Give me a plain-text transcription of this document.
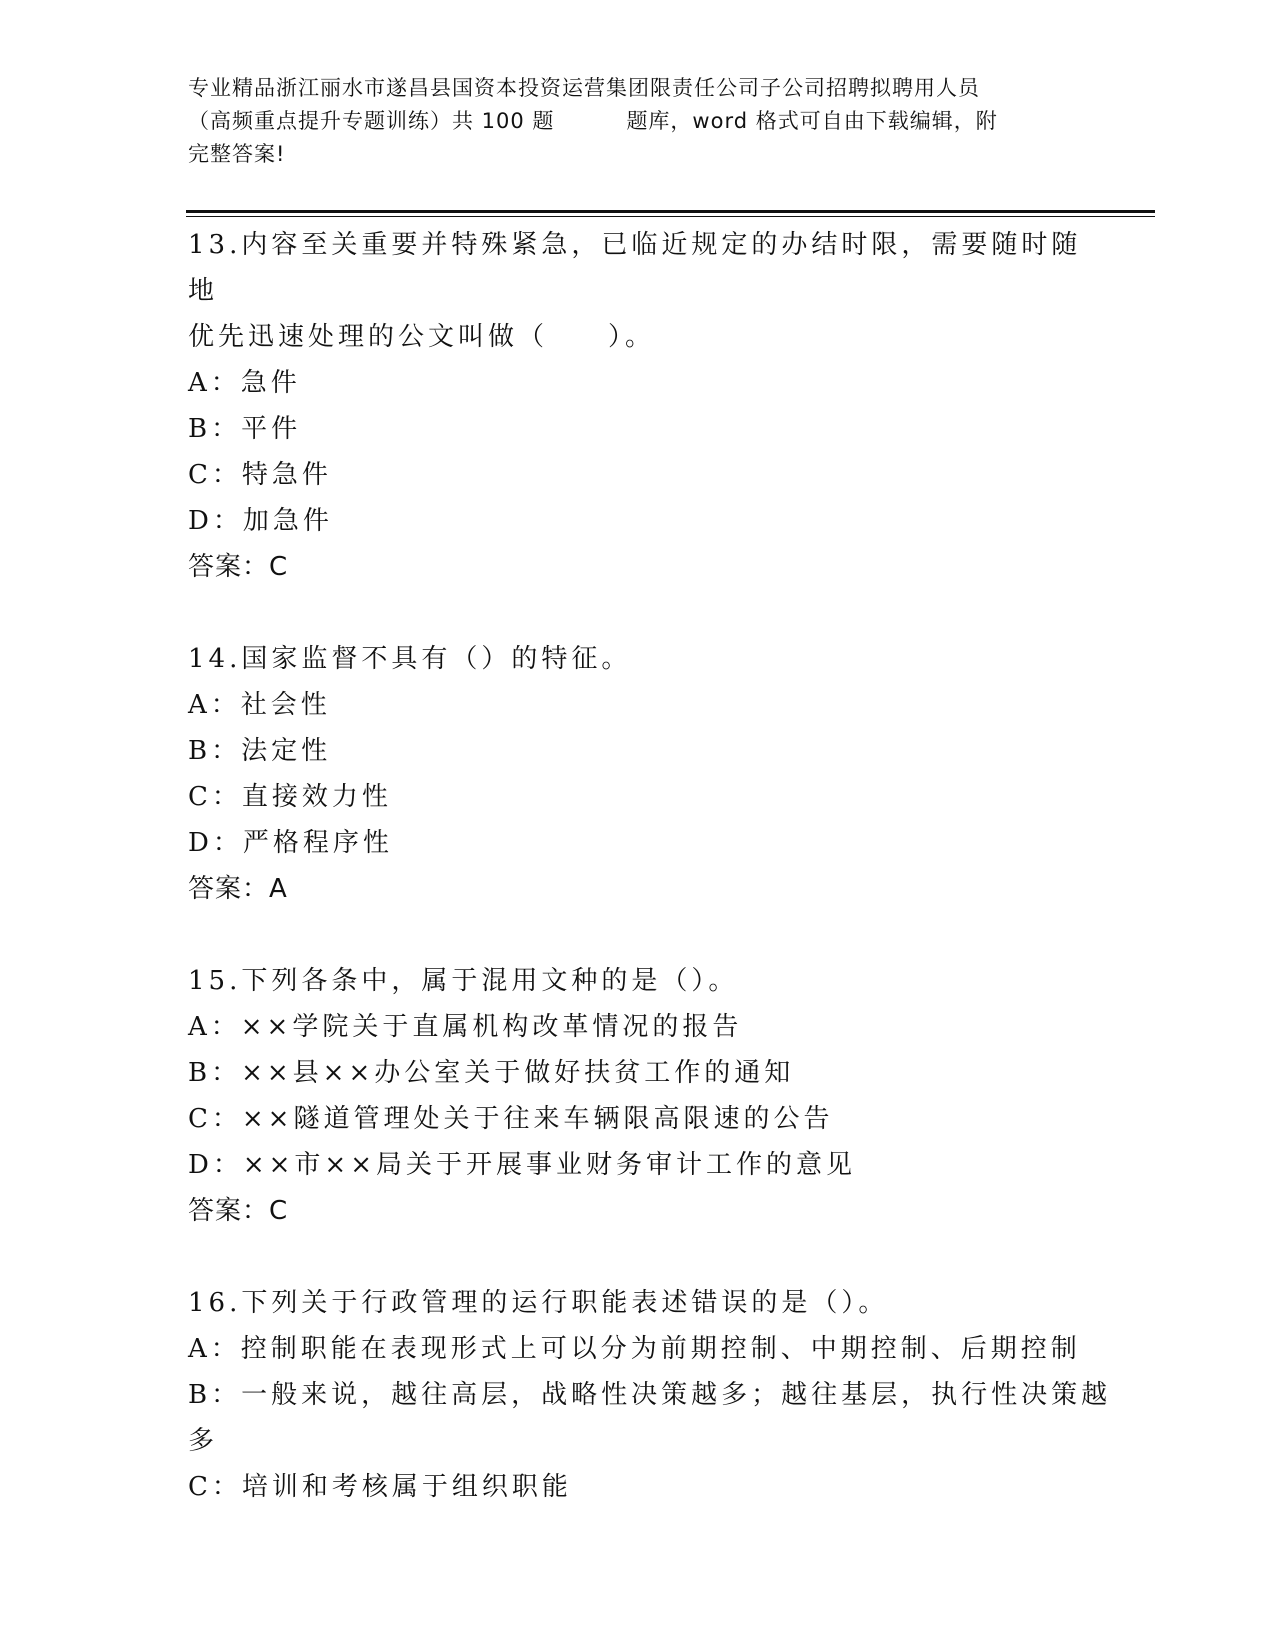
专业精品浙江丽水市遂昌县国资本投资运营集团限责任公司子公司招聘拟聘用人员
（高频重点提升专题训练）共 100 题	题库，word 格式可自由下载编辑，附
完整答案!

13.内容至关重要并特殊紧急，已临近规定的办结时限，需要随时随地

优先迅速处理的公文叫做（　　）。

A：急件

B：平件

C：特急件

D：加急件

答案：C

14.国家监督不具有（）的特征。

A：社会性

B：法定性

C：直接效力性

D：严格程序性

答案：A

15.下列各条中，属于混用文种的是（）。

A：××学院关于直属机构改革情况的报告

B：××县××办公室关于做好扶贫工作的通知

C：××隧道管理处关于往来车辆限高限速的公告

D：××市××局关于开展事业财务审计工作的意见

答案：C

16.下列关于行政管理的运行职能表述错误的是（）。

A：控制职能在表现形式上可以分为前期控制、中期控制、后期控制

B：一般来说，越往高层，战略性决策越多；越往基层，执行性决策越

多

C：培训和考核属于组织职能
